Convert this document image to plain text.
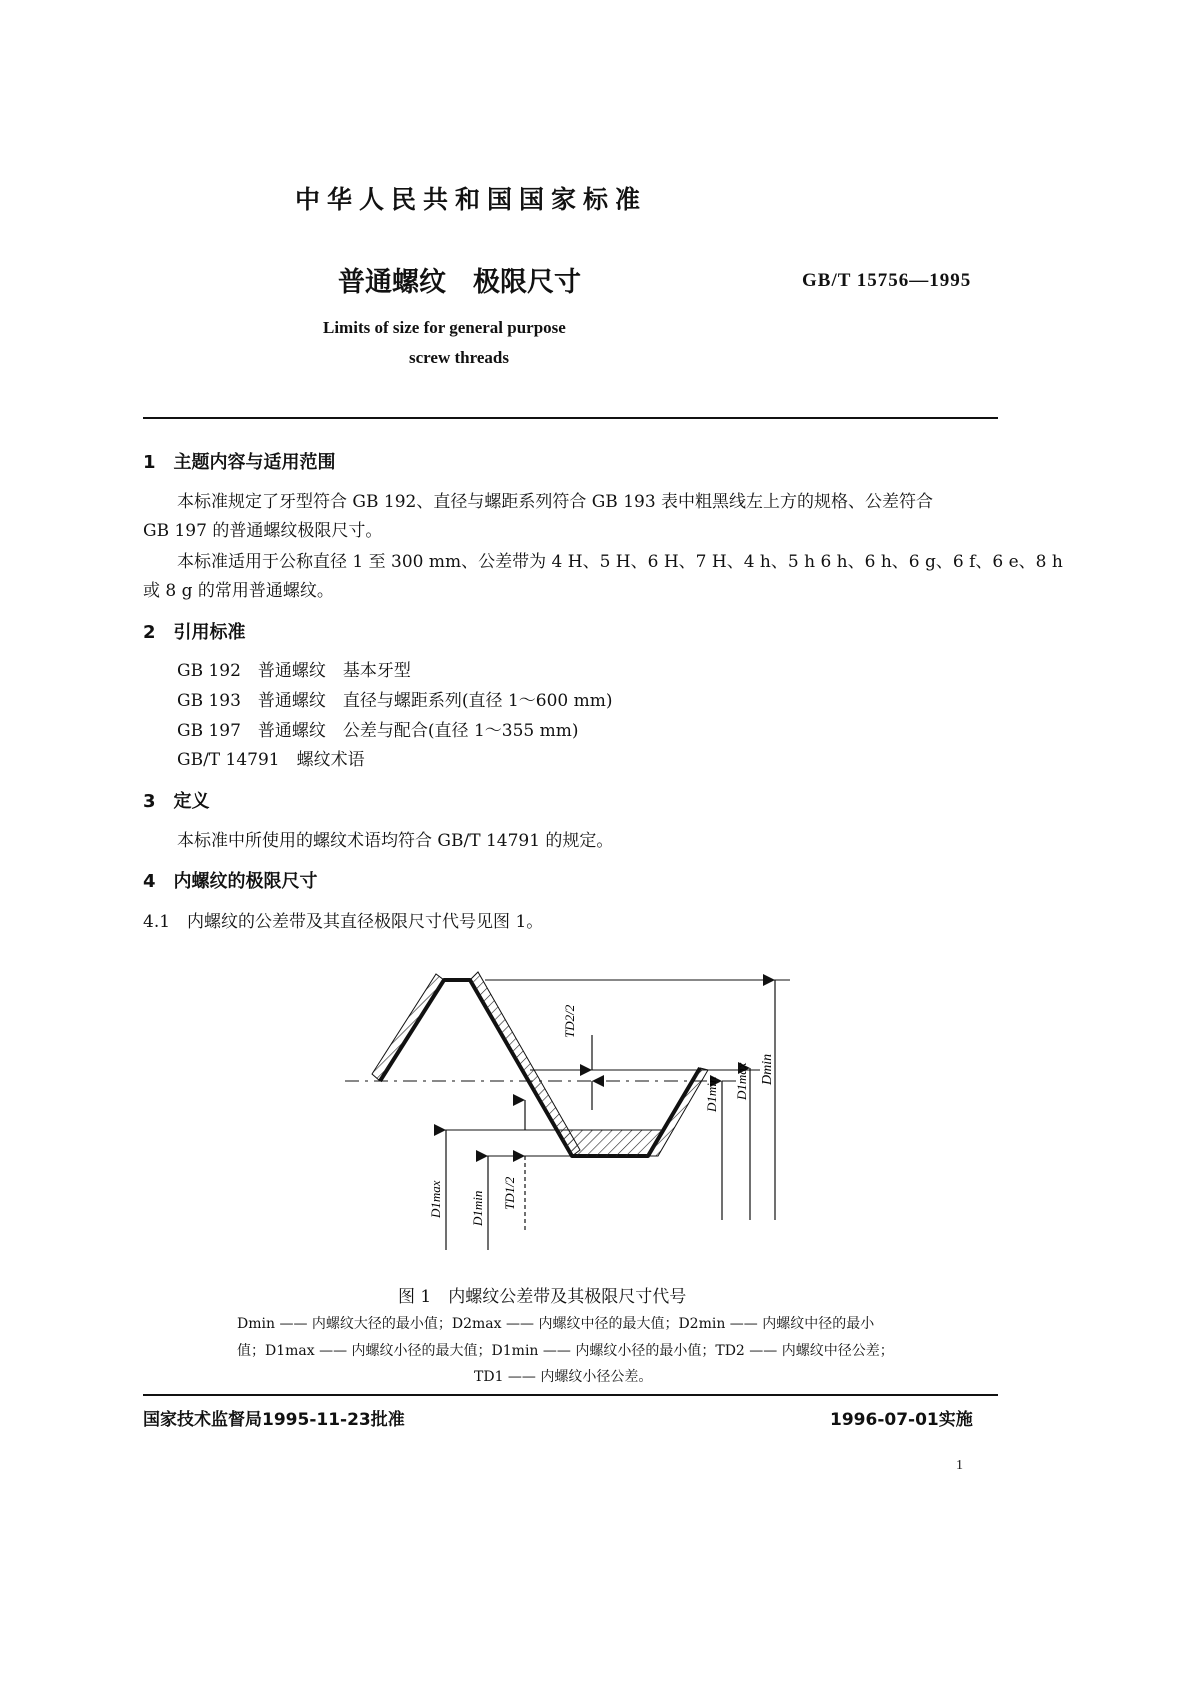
中华人民共和国国家标准

普通螺纹　极限尺寸	GB/T 15756—1995

Limits of size for general purpose

screw threads

1　主题内容与适用范围

本标准规定了牙型符合 GB 192、直径与螺距系列符合 GB 193 表中粗黑线左上方的规格、公差符合

GB 197 的普通螺纹极限尺寸。

本标准适用于公称直径 1 至 300 mm、公差带为 4 H、5 H、6 H、7 H、4 h、5 h 6 h、6 h、6 g、6 f、6 e、8 h

或 8 g 的常用普通螺纹。

2　引用标准

GB 192　普通螺纹　基本牙型

GB 193　普通螺纹　直径与螺距系列(直径 1～600 mm)

GB 197　普通螺纹　公差与配合(直径 1～355 mm)

GB/T 14791　螺纹术语

3　定义

本标准中所使用的螺纹术语均符合 GB/T 14791 的规定。

4　内螺纹的极限尺寸

4.1　内螺纹的公差带及其直径极限尺寸代号见图 1。

Dmin
D1max
D1min
D1max D1min
TD2/2
TD1/2

图 1　内螺纹公差带及其极限尺寸代号

Dmin —— 内螺纹大径的最小值；D2max —— 内螺纹中径的最大值；D2min —— 内螺纹中径的最小

值；D1max —— 内螺纹小径的最大值；D1min —— 内螺纹小径的最小值；TD2 —— 内螺纹中径公差；

TD1 —— 内螺纹小径公差。

国家技术监督局1995-11-23批准	1996-07-01实施

1
